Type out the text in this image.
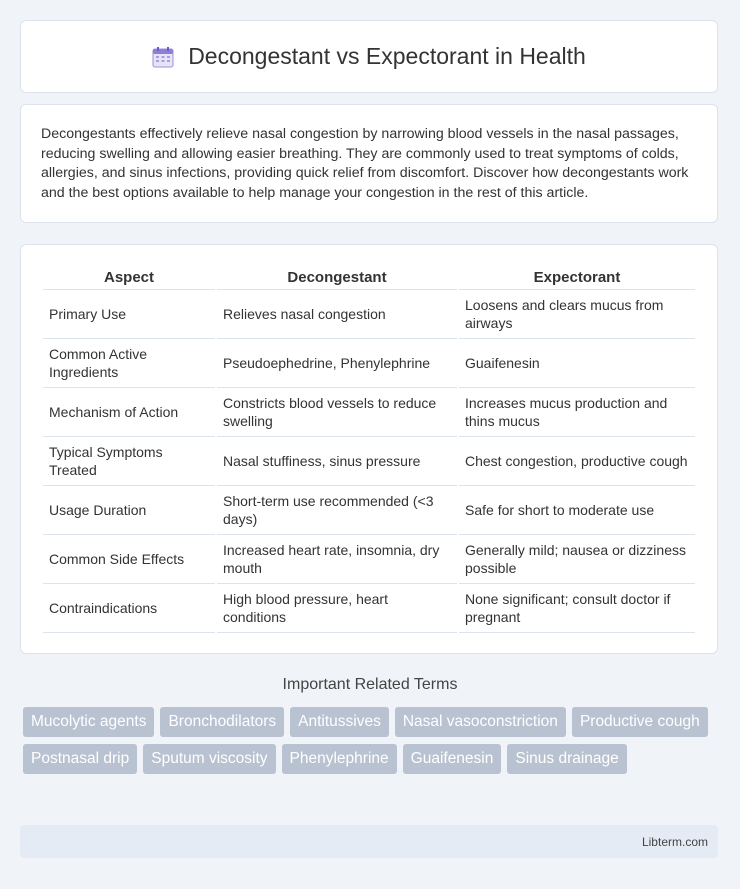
Decongestant vs Expectorant in Health
Decongestants effectively relieve nasal congestion by narrowing blood vessels in the nasal passages, reducing swelling and allowing easier breathing. They are commonly used to treat symptoms of colds, allergies, and sinus infections, providing quick relief from discomfort. Discover how decongestants work and the best options available to help manage your congestion in the rest of this article.
Aspect	Decongestant	Expectorant
Primary Use	Relieves nasal congestion	Loosens and clears mucus from airways
Common Active Ingredients	Pseudoephedrine, Phenylephrine	Guaifenesin
Mechanism of Action	Constricts blood vessels to reduce swelling	Increases mucus production and thins mucus
Typical Symptoms Treated	Nasal stuffiness, sinus pressure	Chest congestion, productive cough
Usage Duration	Short-term use recommended (<3 days)	Safe for short to moderate use
Common Side Effects	Increased heart rate, insomnia, dry mouth	Generally mild; nausea or dizziness possible
Contraindications	High blood pressure, heart conditions	None significant; consult doctor if pregnant
Important Related Terms
Mucolytic agents	Bronchodilators	Antitussives	Nasal vasoconstriction	Productive cough
Postnasal drip	Sputum viscosity	Phenylephrine	Guaifenesin	Sinus drainage
Libterm.com
